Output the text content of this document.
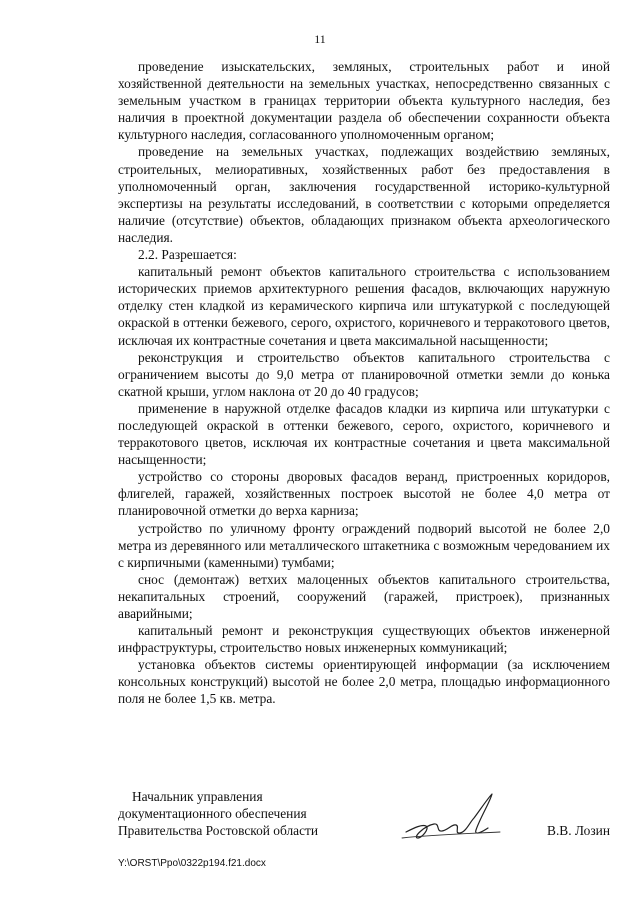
11

проведение изыскательских, земляных, строительных работ и иной хозяйственной деятельности на земельных участках, непосредственно связанных с земельным участком в границах территории объекта культурного наследия, без наличия в проектной документации раздела об обеспечении сохранности объекта культурного наследия, согласованного уполномоченным органом;

проведение на земельных участках, подлежащих воздействию земляных, строительных, мелиоративных, хозяйственных работ без предоставления в уполномоченный орган, заключения государственной историко-культурной экспертизы на результаты исследований, в соответствии с которыми определяется наличие (отсутствие) объектов, обладающих признаком объекта археологического наследия.

2.2. Разрешается:

капитальный ремонт объектов капитального строительства с использованием исторических приемов архитектурного решения фасадов, включающих наружную отделку стен кладкой из керамического кирпича или штукатуркой с последующей окраской в оттенки бежевого, серого, охристого, коричневого и терракотового цветов, исключая их контрастные сочетания и цвета максимальной насыщенности;

реконструкция и строительство объектов капитального строительства с ограничением высоты до 9,0 метра от планировочной отметки земли до конька скатной крыши, углом наклона от 20 до 40 градусов;

применение в наружной отделке фасадов кладки из кирпича или штукатурки с последующей окраской в оттенки бежевого, серого, охристого, коричневого и терракотового цветов, исключая их контрастные сочетания и цвета максимальной насыщенности;

устройство со стороны дворовых фасадов веранд, пристроенных коридоров, флигелей, гаражей, хозяйственных построек высотой не более 4,0 метра от планировочной отметки до верха карниза;

устройство по уличному фронту ограждений подворий высотой не более 2,0 метра из деревянного или металлического штакетника с возможным чередованием их с кирпичными (каменными) тумбами;

снос (демонтаж) ветхих малоценных объектов капитального строительства, некапитальных строений, сооружений (гаражей, пристроек), признанных аварийными;

капитальный ремонт и реконструкция существующих объектов инженерной инфраструктуры, строительство новых инженерных коммуникаций;

установка объектов системы ориентирующей информации (за исключением консольных конструкций) высотой не более 2,0 метра, площадью информационного поля не более 1,5 кв. метра.

Начальник управления
документационного обеспечения
Правительства Ростовской области	В.В. Лозин
Y:\ORST\Ppo\0322p194.f21.docx
